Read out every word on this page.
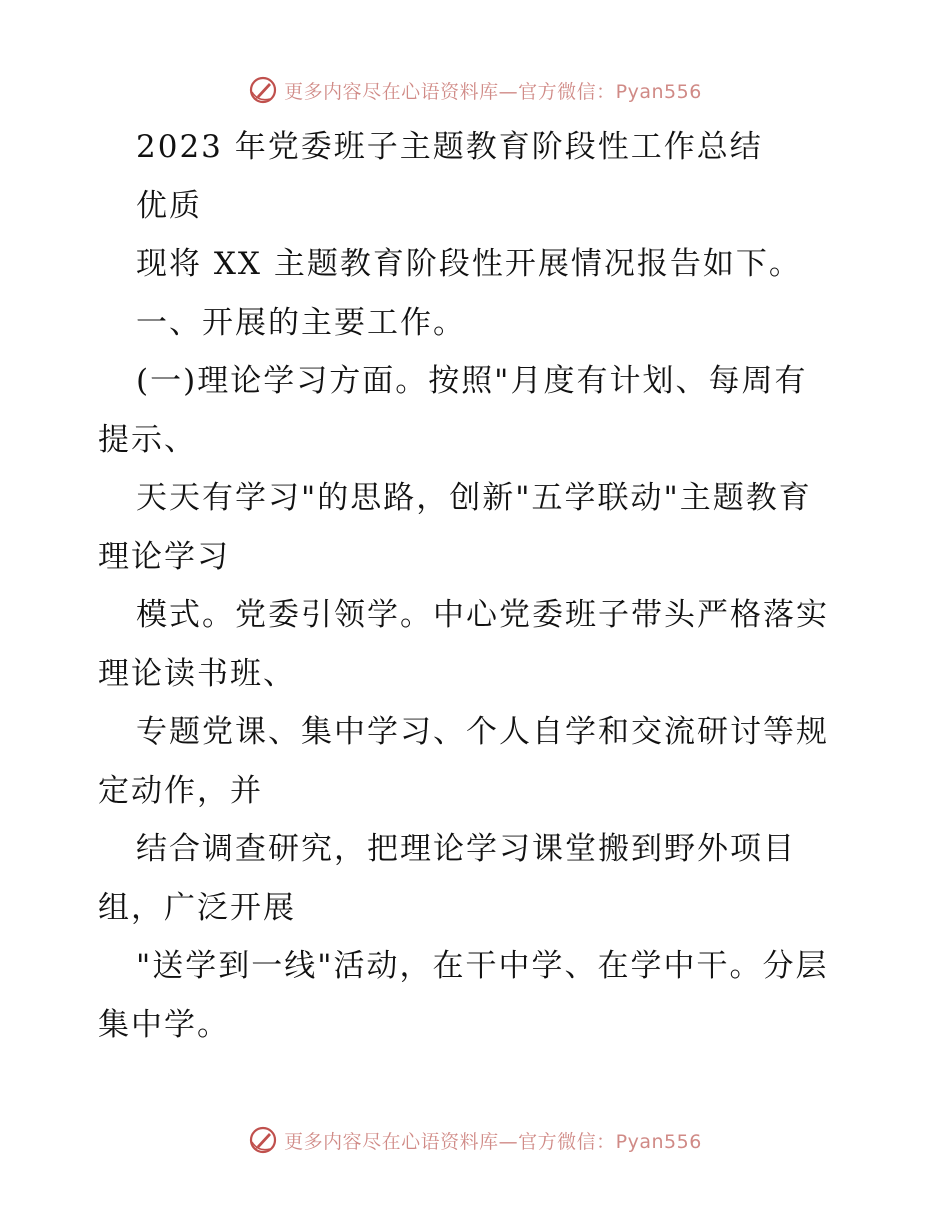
更多内容尽在心语资料库—官方微信：Pyan556
2023 年党委班子主题教育阶段性工作总结
优质
现将 XX 主题教育阶段性开展情况报告如下。
一、开展的主要工作。
(一)理论学习方面。按照"月度有计划、每周有
提示、
天天有学习"的思路，创新"五学联动"主题教育
理论学习
模式。党委引领学。中心党委班子带头严格落实
理论读书班、
专题党课、集中学习、个人自学和交流研讨等规
定动作，并
结合调查研究，把理论学习课堂搬到野外项目
组，广泛开展
"送学到一线"活动，在干中学、在学中干。分层
集中学。
更多内容尽在心语资料库—官方微信：Pyan556
